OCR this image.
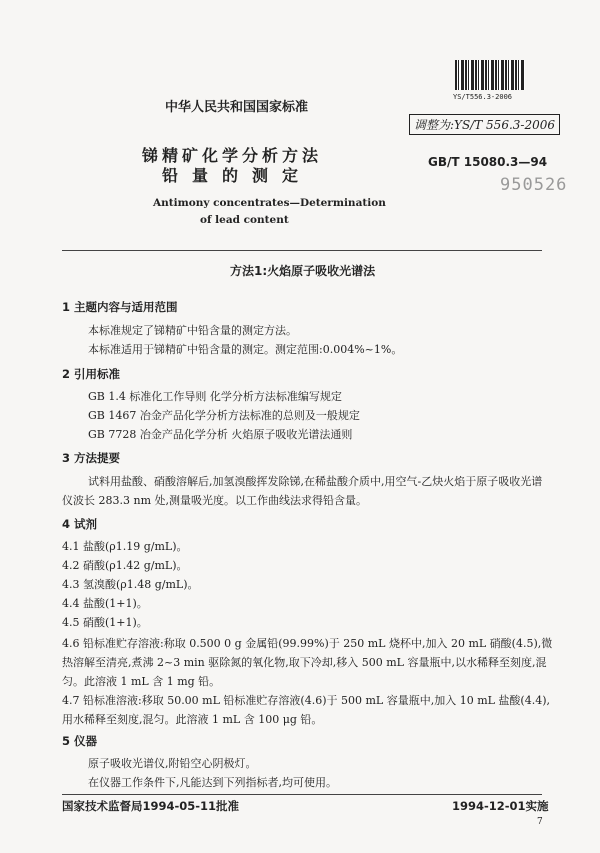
中华人民共和国国家标准
YS/T556.3-2006
调整为:YS/T 556.3-2006
GB/T 15080.3—94
950526
锑精矿化学分析方法
铅量的测定
Antimony concentrates—Determination
of lead content
方法1:火焰原子吸收光谱法
1 主题内容与适用范围
本标准规定了锑精矿中铅含量的测定方法。
本标准适用于锑精矿中铅含量的测定。测定范围:0.004%~1%。
2 引用标准
GB 1.4 标准化工作导则 化学分析方法标准编写规定
GB 1467 冶金产品化学分析方法标准的总则及一般规定
GB 7728 冶金产品化学分析 火焰原子吸收光谱法通则
3 方法提要
试料用盐酸、硝酸溶解后,加氢溴酸挥发除锑,在稀盐酸介质中,用空气-乙炔火焰于原子吸收光谱
仪波长 283.3 nm 处,测量吸光度。以工作曲线法求得铅含量。
4 试剂
4.1 盐酸(ρ1.19 g/mL)。
4.2 硝酸(ρ1.42 g/mL)。
4.3 氢溴酸(ρ1.48 g/mL)。
4.4 盐酸(1+1)。
4.5 硝酸(1+1)。
4.6 铅标准贮存溶液:称取 0.500 0 g 金属铅(99.99%)于 250 mL 烧杯中,加入 20 mL 硝酸(4.5),微
热溶解至清亮,煮沸 2~3 min 驱除氮的氧化物,取下冷却,移入 500 mL 容量瓶中,以水稀释至刻度,混
匀。此溶液 1 mL 含 1 mg 铅。
4.7 铅标准溶液:移取 50.00 mL 铅标准贮存溶液(4.6)于 500 mL 容量瓶中,加入 10 mL 盐酸(4.4),
用水稀释至刻度,混匀。此溶液 1 mL 含 100 μg 铅。
5 仪器
原子吸收光谱仪,附铅空心阴极灯。
在仪器工作条件下,凡能达到下列指标者,均可使用。
国家技术监督局1994-05-11批准	1994-12-01实施
7
